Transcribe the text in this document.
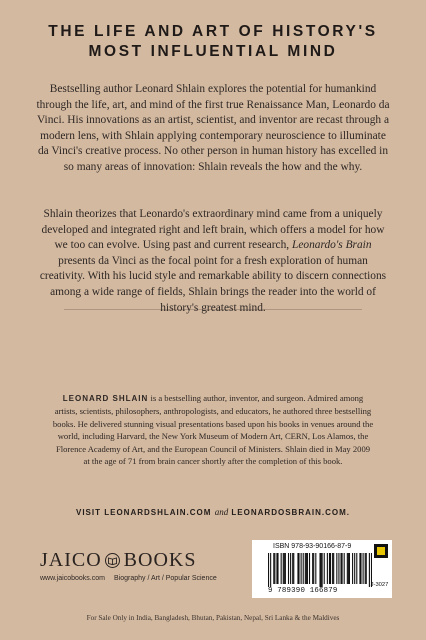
THE LIFE AND ART OF HISTORY'S
MOST INFLUENTIAL MIND

Bestselling author Leonard Shlain explores the potential for humankind through the life, art, and mind of the first true Renaissance Man, Leonardo da Vinci. His innovations as an artist, scientist, and inventor are recast through a modern lens, with Shlain applying contemporary neuroscience to illuminate da Vinci's creative process. No other person in human history has excelled in so many areas of innovation: Shlain reveals the how and the why.

Shlain theorizes that Leonardo's extraordinary mind came from a uniquely developed and integrated right and left brain, which offers a model for how we too can evolve. Using past and current research, Leonardo's Brain presents da Vinci as the focal point for a fresh exploration of human creativity. With his lucid style and remarkable ability to discern connections among a wide range of fields, Shlain brings the reader into the world of history's greatest mind.

LEONARD SHLAIN is a bestselling author, inventor, and surgeon. Admired among artists, scientists, philosophers, anthropologists, and educators, he authored three bestselling books. He delivered stunning visual presentations based upon his books in venues around the world, including Harvard, the New York Museum of Modern Art, CERN, Los Alamos, the Florence Academy of Art, and the European Council of Ministers. Shlain died in May 2009 at the age of 71 from brain cancer shortly after the completion of this book.

VISIT LEONARDSHLAIN.COM and LEONARDOSBRAIN.COM.
JAICO BOOKS
www.jaicobooks.com	Biography / Art / Popular Science
ISBN 978-93-90166-87-9
9 789390 166879
J-3027
For Sale Only in India, Bangladesh, Bhutan, Pakistan, Nepal, Sri Lanka & the Maldives
